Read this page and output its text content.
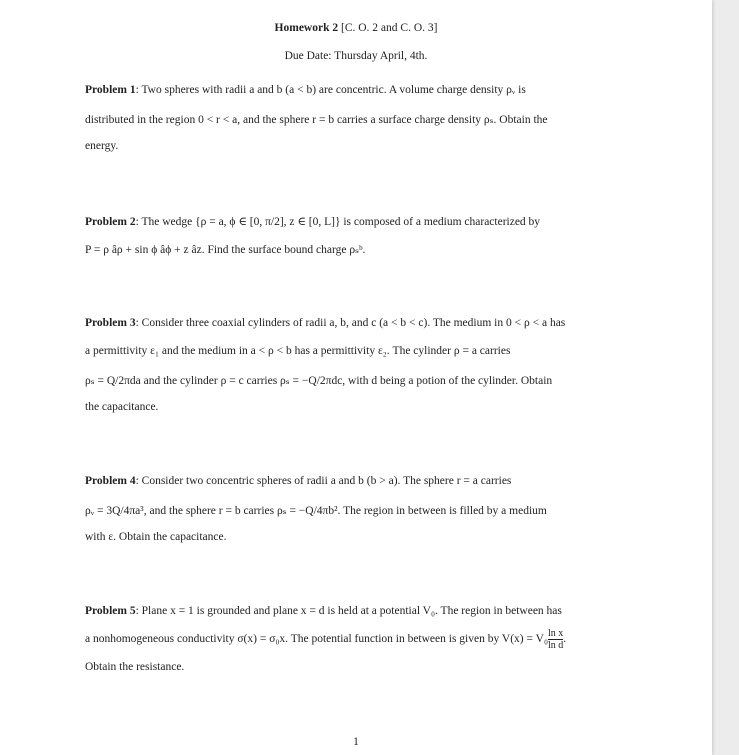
Homework 2 [C. O. 2 and C. O. 3]
Due Date: Thursday April, 4th.
Problem 1: Two spheres with radii a and b (a < b) are concentric. A volume charge density ρᵥ is
distributed in the region 0 < r < a, and the sphere r = b carries a surface charge density ρₛ. Obtain the
energy.
Problem 2: The wedge {ρ = a, ϕ ∈ [0, π/2], z ∈ [0, L]} is composed of a medium characterized by
P = ρ âρ + sin ϕ âϕ + z âz. Find the surface bound charge ρₛᵇ.
Problem 3: Consider three coaxial cylinders of radii a, b, and c (a < b < c). The medium in 0 < ρ < a has
a permittivity ε₁ and the medium in a < ρ < b has a permittivity ε₂. The cylinder ρ = a carries
ρₛ = Q/2πda and the cylinder ρ = c carries ρₛ = −Q/2πdc, with d being a potion of the cylinder. Obtain
the capacitance.
Problem 4: Consider two concentric spheres of radii a and b (b > a). The sphere r = a carries
ρᵥ = 3Q/4πa³, and the sphere r = b carries ρₛ = −Q/4πb². The region in between is filled by a medium
with ε. Obtain the capacitance.
Problem 5: Plane x = 1 is grounded and plane x = d is held at a potential V₀. The region in between has
a nonhomogeneous conductivity σ(x) = σ₀x. The potential function in between is given by $V(x) = V_0 \frac{\text{ln x}}{\text{ln d}}$ .
Obtain the resistance.
1
